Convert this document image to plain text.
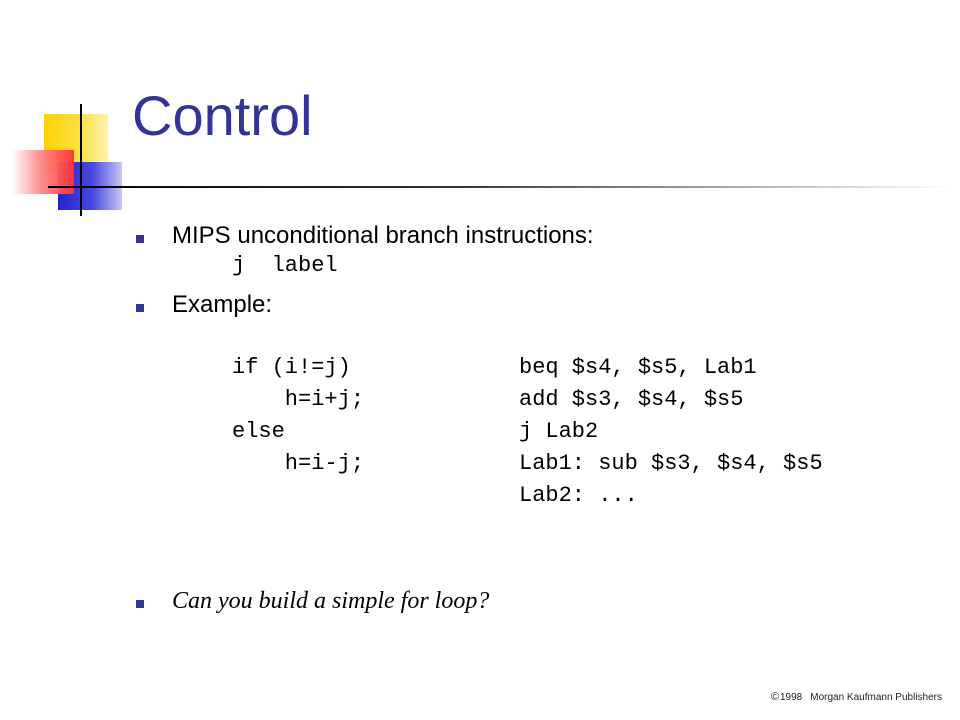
Control
MIPS unconditional branch instructions:
j  label
Example:
if (i!=j)
h=i+j;
else
h=i-j;
beq $s4, $s5, Lab1
add $s3, $s4, $s5
j Lab2
Lab1: sub $s3, $s4, $s5
Lab2: ...
Can you build a simple for loop?
©1998 Morgan Kaufmann Publishers
